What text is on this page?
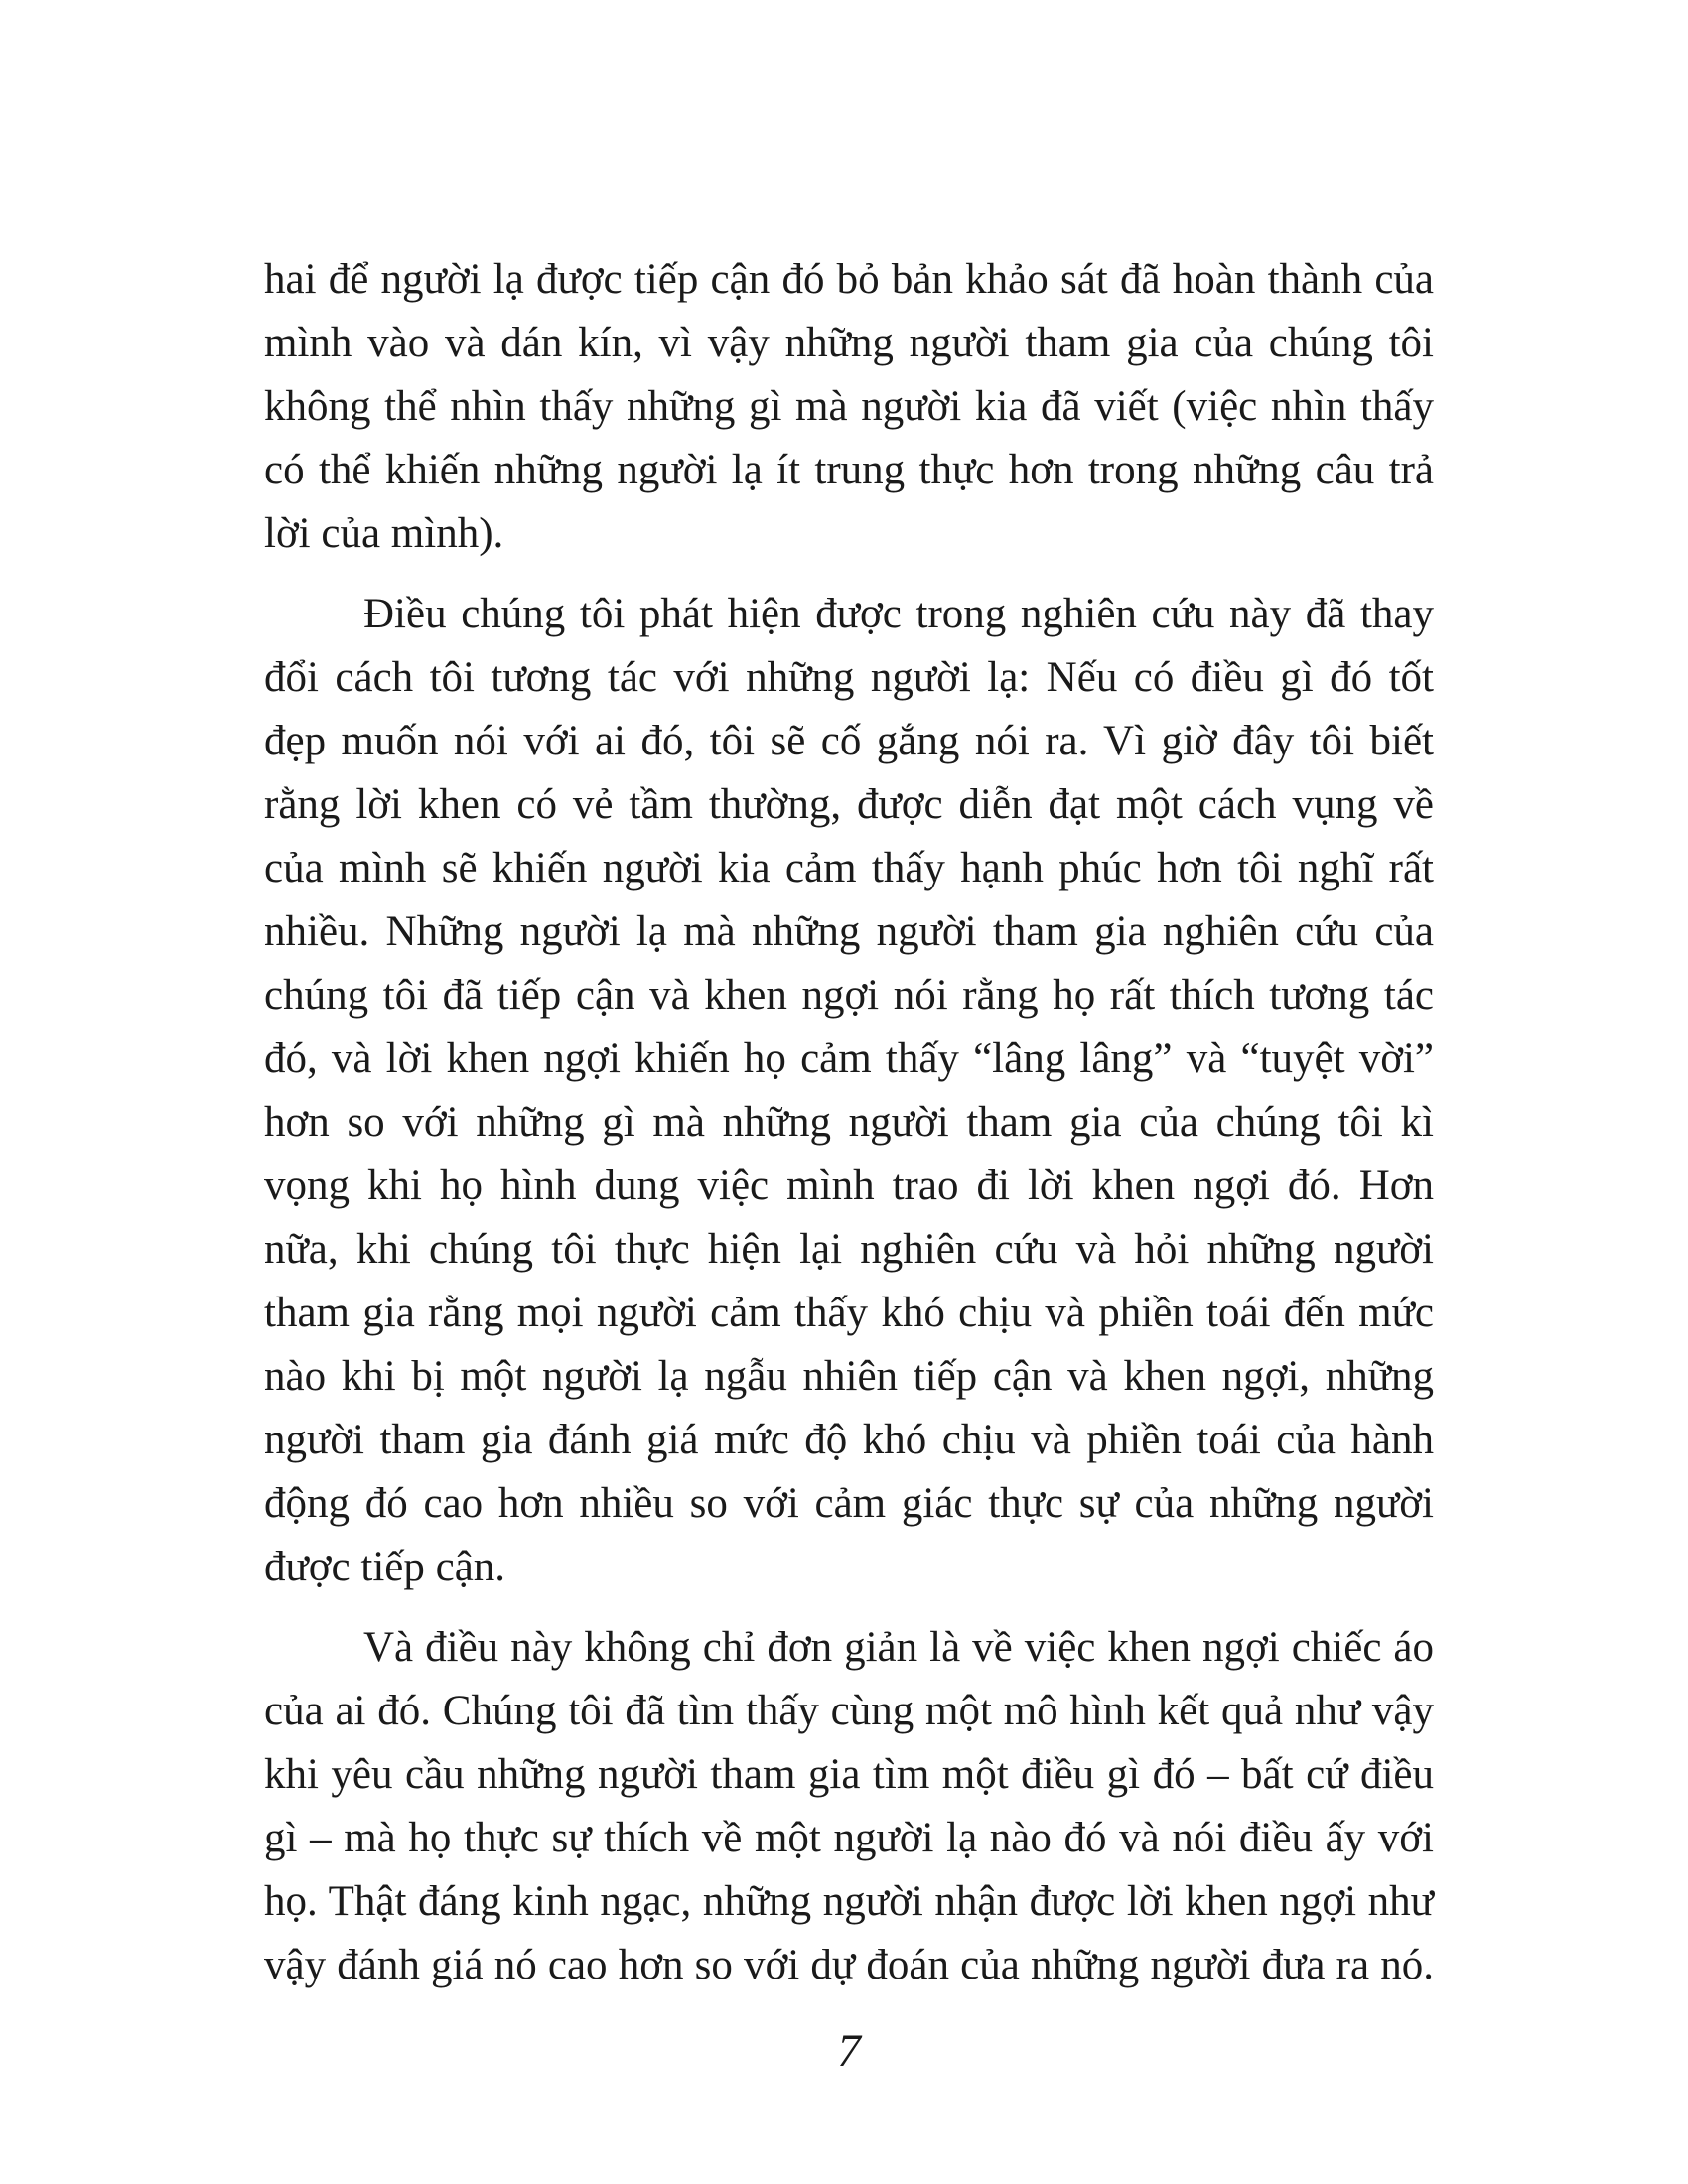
hai để người lạ được tiếp cận đó bỏ bản khảo sát đã hoàn thành của
mình vào và dán kín, vì vậy những người tham gia của chúng tôi
không thể nhìn thấy những gì mà người kia đã viết (việc nhìn thấy
có thể khiến những người lạ ít trung thực hơn trong những câu trả
lời của mình).
Điều chúng tôi phát hiện được trong nghiên cứu này đã thay
đổi cách tôi tương tác với những người lạ: Nếu có điều gì đó tốt
đẹp muốn nói với ai đó, tôi sẽ cố gắng nói ra. Vì giờ đây tôi biết
rằng lời khen có vẻ tầm thường, được diễn đạt một cách vụng về
của mình sẽ khiến người kia cảm thấy hạnh phúc hơn tôi nghĩ rất
nhiều. Những người lạ mà những người tham gia nghiên cứu của
chúng tôi đã tiếp cận và khen ngợi nói rằng họ rất thích tương tác
đó, và lời khen ngợi khiến họ cảm thấy “lâng lâng” và “tuyệt vời”
hơn so với những gì mà những người tham gia của chúng tôi kì
vọng khi họ hình dung việc mình trao đi lời khen ngợi đó. Hơn
nữa, khi chúng tôi thực hiện lại nghiên cứu và hỏi những người
tham gia rằng mọi người cảm thấy khó chịu và phiền toái đến mức
nào khi bị một người lạ ngẫu nhiên tiếp cận và khen ngợi, những
người tham gia đánh giá mức độ khó chịu và phiền toái của hành
động đó cao hơn nhiều so với cảm giác thực sự của những người
được tiếp cận.
Và điều này không chỉ đơn giản là về việc khen ngợi chiếc áo
của ai đó. Chúng tôi đã tìm thấy cùng một mô hình kết quả như vậy
khi yêu cầu những người tham gia tìm một điều gì đó – bất cứ điều
gì – mà họ thực sự thích về một người lạ nào đó và nói điều ấy với
họ. Thật đáng kinh ngạc, những người nhận được lời khen ngợi như
vậy đánh giá nó cao hơn so với dự đoán của những người đưa ra nó.
7
